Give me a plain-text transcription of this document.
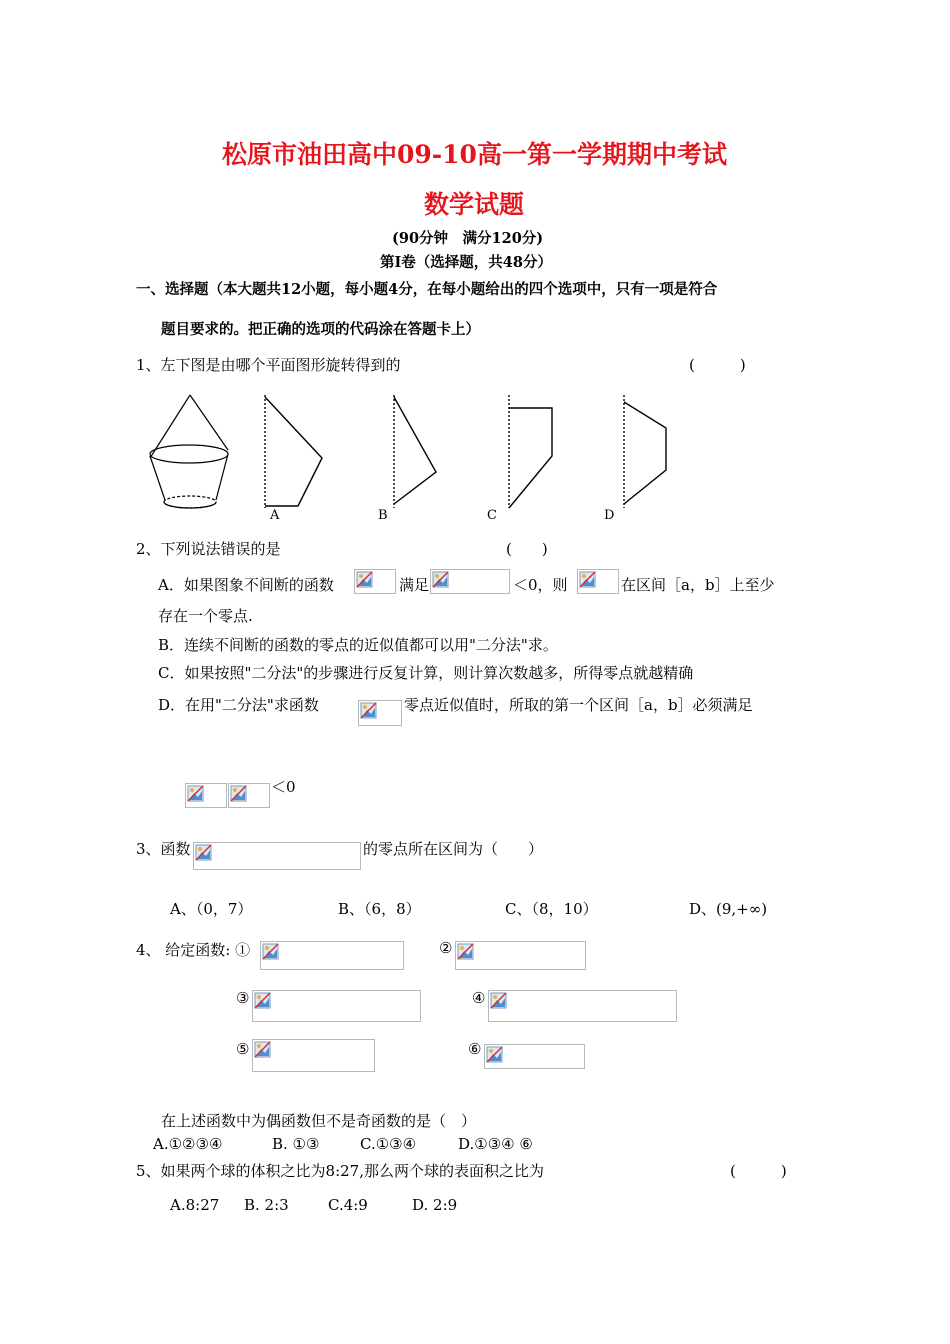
松原市油田高中09-10高一第一学期期中考试
数学试题
(90分钟　满分120分)
第Ⅰ卷（选择题，共48分）
一、选择题（本大题共12小题，每小题4分，在每小题给出的四个选项中，只有一项是符合
题目要求的。把正确的选项的代码涂在答题卡上）
1、左下图是由哪个平面图形旋转得到的	(　　　)
A	B	C	D
2、下列说法错误的是	(　　)
A．如果图象不间断的函数	满足	＜0，则	在区间［a，b］上至少
存在一个零点.
B．连续不间断的函数的零点的近似值都可以用"二分法"求。
C．如果按照"二分法"的步骤进行反复计算，则计算次数越多，所得零点就越精确
D．在用"二分法"求函数	零点近似值时，所取的第一个区间［a，b］必须满足
＜0
3、函数	的零点所在区间为（　　）
A、（0，7）	B、（6，8）	C、（8，10）	D、(9,+∞)
4、 给定函数: ①	②
③	④
⑤	⑥
在上述函数中为偶函数但不是奇函数的是（　）
A.①②③④	B. ①③	C.①③④	D.①③④ ⑥
5、如果两个球的体积之比为8:27,那么两个球的表面积之比为	(　　　)
A.8:27 B. 2:3	C.4:9	D. 2:9
